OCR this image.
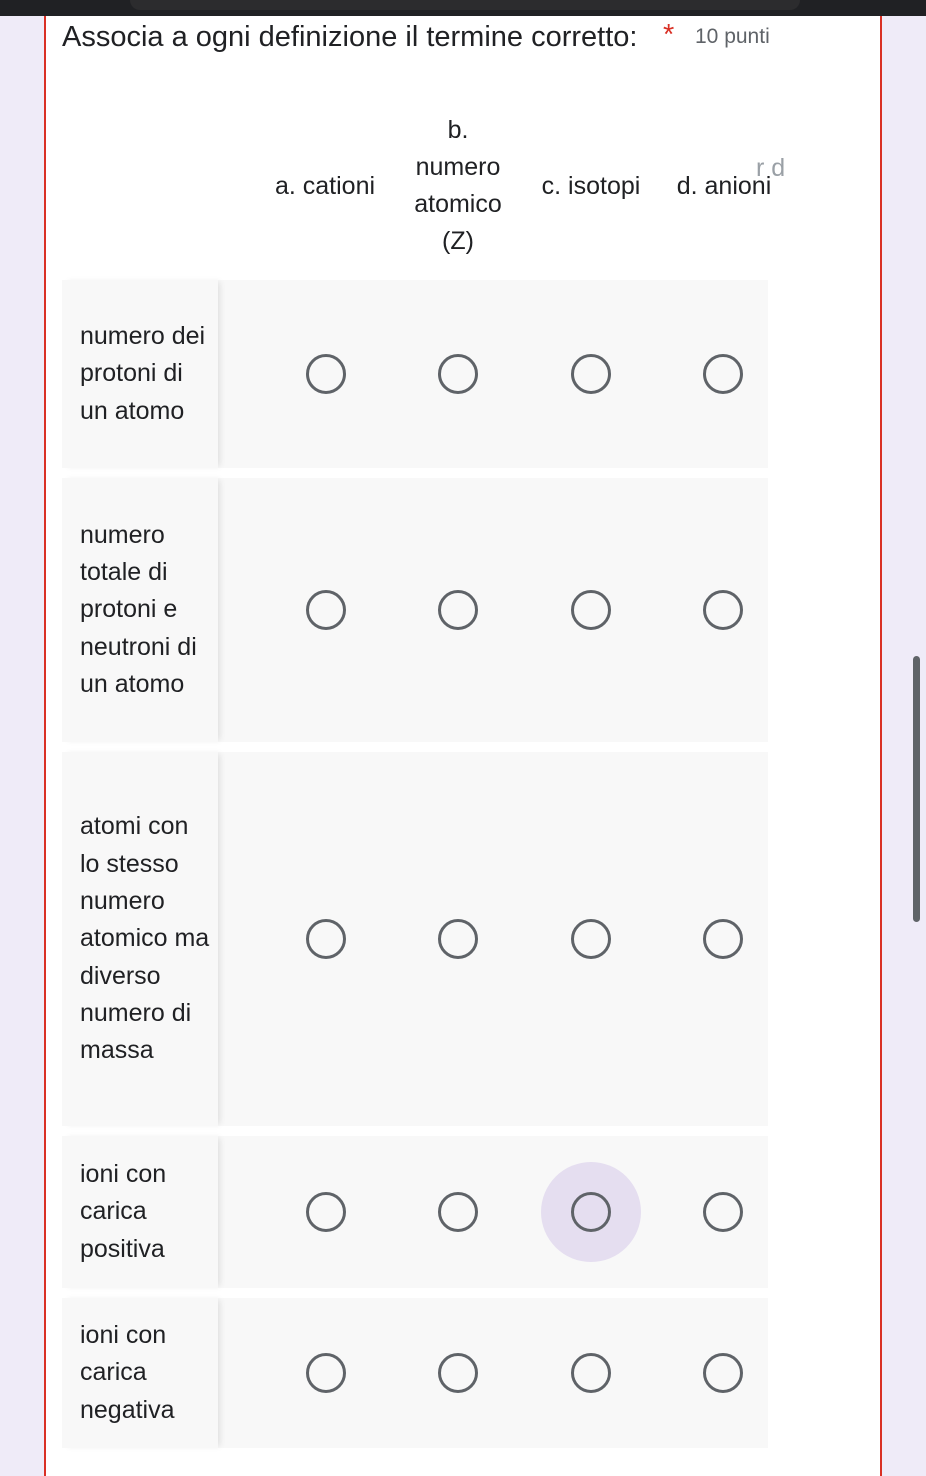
Associa a ogni definizione il termine corretto: * 10 punti
a. cationi
b. numero atomico (Z)
c. isotopi d. anioni
r d
numero dei protoni di un atomo
numero totale di protoni e neutroni di un atomo
atomi con lo stesso numero atomico ma diverso numero di massa
ioni con carica positiva
ioni con carica negativa
